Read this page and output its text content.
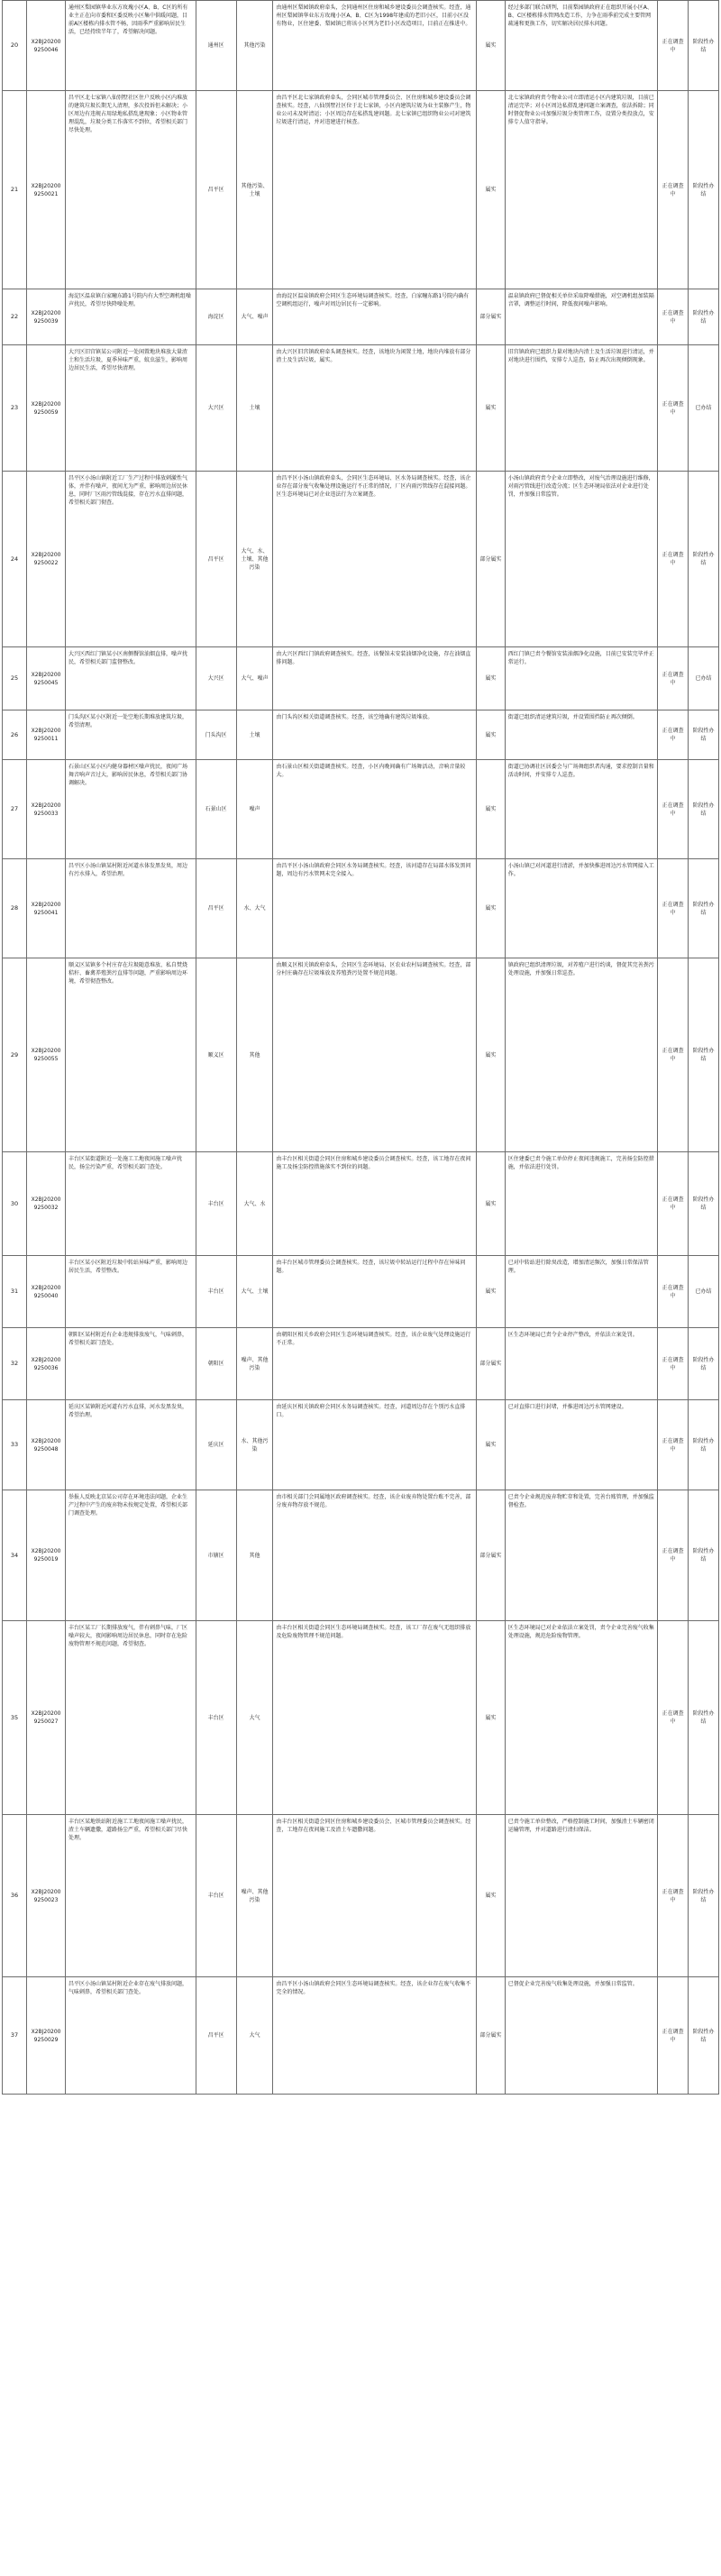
20	X2BJ202009250046	通州区梨园镇华业东方玫瑰小区A、B、C区的所有业主正在向市委和区委反映小区集中供暖问题，目前A区楼栋内排水管不畅，因雨季严重影响居民生活，已经持续半年了，希望解决问题。	通州区	其他污染	由通州区梨园镇政府牵头，会同通州区住房和城乡建设委员会调查核实。经查，通州区梨园镇华业东方玫瑰小区A、B、C区为1998年建成的老旧小区，目前小区没有物业，区住建委、梨园镇已将该小区列为老旧小区改造项目，目前正在推进中。	属实	经过多部门联合研判，目前梨园镇政府正在组织开展小区A、B、C区楼栋排水管网改造工作，力争在雨季前完成主要管网疏通和更换工作，切实解决居民排水问题。	正在调查中	阶段性办结
21	X2BJ202009250021	昌平区北七家镇八仙别墅社区住户反映小区内堆放的建筑垃圾长期无人清理，多次投诉但未解决；小区周边有违规占用绿地私搭乱建现象；小区物业管理混乱，垃圾分类工作落实不到位，希望相关部门尽快处理。	昌平区	其他污染、土壤	由昌平区北七家镇政府牵头，会同区城市管理委员会、区住房和城乡建设委员会调查核实。经查，八仙别墅社区位于北七家镇，小区内建筑垃圾为业主装修产生，物业公司未及时清运；小区周边存在私搭乱建问题。北七家镇已组织物业公司对建筑垃圾进行清运，并对违建进行核查。	属实	北七家镇政府责令物业公司立即清运小区内建筑垃圾，目前已清运完毕；对小区周边私搭乱建问题立案调查，依法拆除；同时督促物业公司加强垃圾分类管理工作，设置分类投放点，安排专人值守指导。	正在调查中	阶段性办结
22	X2BJ202009250039	海淀区温泉镇白家疃东路1号院内有大型空调机组噪声扰民，希望尽快降噪处理。	海淀区	大气、噪声	由海淀区温泉镇政府会同区生态环境局调查核实。经查，白家疃东路1号院内确有空调机组运行，噪声对周边居民有一定影响。	部分属实	温泉镇政府已督促相关单位采取降噪措施，对空调机组加装隔音罩，调整运行时间，降低夜间噪声影响。	正在调查中	阶段性办结
23	X2BJ202009250059	大兴区旧宫镇某公司附近一处闲置地块堆放大量渣土和生活垃圾，夏季异味严重，蚊虫滋生，影响周边居民生活，希望尽快清理。	大兴区	土壤	由大兴区旧宫镇政府牵头调查核实。经查，该地块为闲置土地，地块内堆放有部分渣土及生活垃圾，属实。	属实	旧宫镇政府已组织力量对地块内渣土及生活垃圾进行清运，并对地块进行围挡，安排专人巡查，防止再次出现倾倒现象。	正在调查中	已办结
24	X2BJ202009250022	昌平区小汤山镇附近工厂生产过程中排放刺激性气体，并伴有噪声，夜间尤为严重，影响周边居民休息，同时厂区雨污管线混接，存在污水直排问题，希望相关部门彻查。	昌平区	大气、水、土壤、其他污染	由昌平区小汤山镇政府牵头，会同区生态环境局、区水务局调查核实。经查，该企业存在部分废气收集处理设施运行不正常的情况，厂区内雨污管线存在混接问题。区生态环境局已对企业违法行为立案调查。	部分属实	小汤山镇政府责令企业立即整改，对废气治理设施进行维修，对雨污管线进行改造分流；区生态环境局依法对企业进行处罚，并加强日常监管。	正在调查中	阶段性办结
25	X2BJ202009250045	大兴区西红门镇某小区南侧餐馆油烟直排，噪声扰民，希望相关部门监督整改。	大兴区	大气、噪声	由大兴区西红门镇政府调查核实。经查，该餐馆未安装油烟净化设施，存在油烟直排问题。	属实	西红门镇已责令餐馆安装油烟净化设施，目前已安装完毕并正常运行。	正在调查中	已办结
26	X2BJ202009250011	门头沟区某小区附近一处空地长期堆放建筑垃圾，希望清理。	门头沟区	土壤	由门头沟区相关街道调查核实。经查，该空地确有建筑垃圾堆放。	属实	街道已组织清运建筑垃圾，并设置围挡防止再次倾倒。	正在调查中	阶段性办结
27	X2BJ202009250033	石景山区某小区内健身器材区噪声扰民，夜间广场舞音响声音过大，影响居民休息，希望相关部门协调解决。	石景山区	噪声	由石景山区相关街道调查核实。经查，小区内晚间确有广场舞活动，音响音量较大。	属实	街道已协调社区居委会与广场舞组织者沟通，要求控制音量和活动时间，并安排专人巡查。	正在调查中	阶段性办结
28	X2BJ202009250041	昌平区小汤山镇某村附近河道水体发黑发臭，周边有污水排入，希望治理。	昌平区	水、大气	由昌平区小汤山镇政府会同区水务局调查核实。经查，该河道存在局部水体发黑问题，周边有污水管网未完全接入。	属实	小汤山镇已对河道进行清淤，并加快推进周边污水管网接入工作。	正在调查中	阶段性办结
29	X2BJ202009250055	顺义区某镇多个村庄存在垃圾随意堆放、私自焚烧秸秆、畜禽养殖粪污直排等问题，严重影响周边环境，希望彻查整改。	顺义区	其他	由顺义区相关镇政府牵头，会同区生态环境局、区农业农村局调查核实。经查，部分村庄确存在垃圾堆放及养殖粪污处置不规范问题。	属实	镇政府已组织清理垃圾，对养殖户进行约谈，督促其完善粪污处理设施，并加强日常巡查。	正在调查中	阶段性办结
30	X2BJ202009250032	丰台区某街道附近一处施工工地夜间施工噪声扰民，扬尘污染严重，希望相关部门查处。	丰台区	大气、水	由丰台区相关街道会同区住房和城乡建设委员会调查核实。经查，该工地存在夜间施工及扬尘防控措施落实不到位的问题。	属实	区住建委已责令施工单位停止夜间违规施工，完善扬尘防控措施，并依法进行处罚。	正在调查中	阶段性办结
31	X2BJ202009250040	丰台区某小区附近垃圾中转站异味严重，影响周边居民生活，希望整改。	丰台区	大气、土壤	由丰台区城市管理委员会调查核实。经查，该垃圾中转站运行过程中存在异味问题。	属实	已对中转站进行除臭改造，增加清运频次，加强日常保洁管理。	正在调查中	已办结
32	X2BJ202009250036	朝阳区某村附近有企业违规排放废气，气味刺鼻，希望相关部门查处。	朝阳区	噪声、其他污染	由朝阳区相关乡政府会同区生态环境局调查核实。经查，该企业废气处理设施运行不正常。	部分属实	区生态环境局已责令企业停产整改，并依法立案处罚。	正在调查中	阶段性办结
33	X2BJ202009250048	延庆区某镇附近河道有污水直排，河水发黑发臭，希望治理。	延庆区	水、其他污染	由延庆区相关镇政府会同区水务局调查核实。经查，河道周边存在个别污水直排口。	属实	已对直排口进行封堵，并推进周边污水管网建设。	正在调查中	阶段性办结
34	X2BJ202009250019	举报人反映北京某公司存在环境违法问题，企业生产过程中产生的废弃物未按规定处置，希望相关部门调查处理。	市辖区	其他	由市相关部门会同属地区政府调查核实。经查，该企业废弃物处置台账不完善，部分废弃物存放不规范。	部分属实	已责令企业规范废弃物贮存和处置，完善台账管理，并加强监督检查。	正在调查中	阶段性办结
35	X2BJ202009250027	丰台区某工厂长期排放废气，伴有刺鼻气味，厂区噪声较大，夜间影响周边居民休息，同时存在危险废物管理不规范问题，希望彻查。	丰台区	大气	由丰台区相关街道会同区生态环境局调查核实。经查，该工厂存在废气无组织排放及危险废物管理不规范问题。	属实	区生态环境局已对企业依法立案处罚，责令企业完善废气收集处理设施，规范危险废物管理。	正在调查中	阶段性办结
36	X2BJ202009250023	丰台区某地铁站附近施工工地夜间施工噪声扰民，渣土车辆遗撒，道路扬尘严重，希望相关部门尽快处理。	丰台区	噪声、其他污染	由丰台区相关街道会同区住房和城乡建设委员会、区城市管理委员会调查核实。经查，工地存在夜间施工及渣土车遗撒问题。	属实	已责令施工单位整改，严格控制施工时间，加强渣土车辆密闭运输管理，并对道路进行清扫保洁。	正在调查中	阶段性办结
37	X2BJ202009250029	昌平区小汤山镇某村附近企业存在废气排放问题，气味刺鼻，希望相关部门查处。	昌平区	大气	由昌平区小汤山镇政府会同区生态环境局调查核实。经查，该企业存在废气收集不完全的情况。	部分属实	已督促企业完善废气收集处理设施，并加强日常监管。	正在调查中	阶段性办结
